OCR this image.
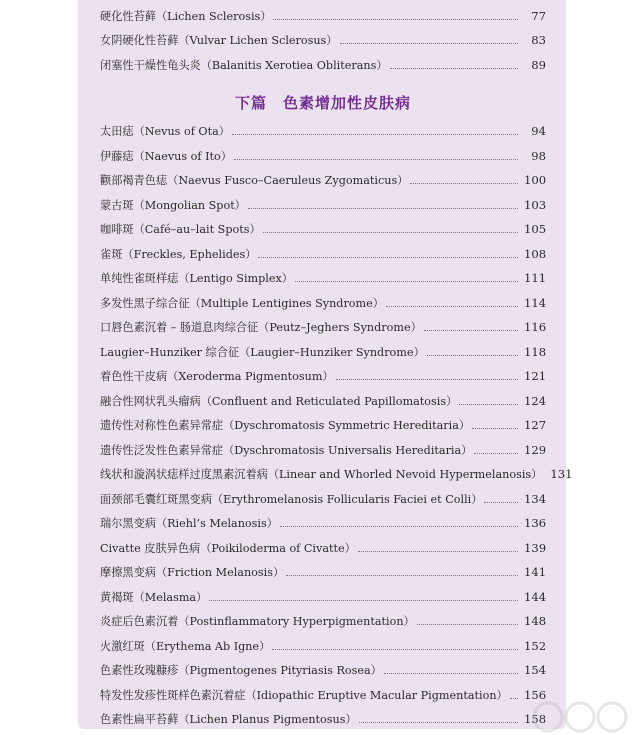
硬化性苔藓（Lichen Sclerosis）	77
女阴硬化性苔藓（Vulvar Lichen Sclerosus）	83
闭塞性干燥性龟头炎（Balanitis Xerotiea Obliterans）	89
下篇 色素增加性皮肤病
太田痣（Nevus of Ota）	94
伊藤痣（Naevus of Ito）	98
颧部褐青色痣（Naevus Fusco–Caeruleus Zygomaticus）	100
蒙古斑（Mongolian Spot）	103
咖啡斑（Café–au–lait Spots）	105
雀斑（Freckles, Ephelides）	108
单纯性雀斑样痣（Lentigo Simplex）	111
多发性黑子综合征（Multiple Lentigines Syndrome）	114
口唇色素沉着 – 肠道息肉综合征（Peutz–Jeghers Syndrome）	116
Laugier–Hunziker 综合征（Laugier–Hunziker Syndrome）	118
着色性干皮病（Xeroderma Pigmentosum）	121
融合性网状乳头瘤病（Confluent and Reticulated Papillomatosis）	124
遗传性对称性色素异常症（Dyschromatosis Symmetric Hereditaria）	127
遗传性泛发性色素异常症（Dyschromatosis Universalis Hereditaria）	129
线状和漩涡状痣样过度黑素沉着病（Linear and Whorled Nevoid Hypermelanosis） 131
面颈部毛囊红斑黑变病（Erythromelanosis Follicularis Faciei et Colli）	134
瑞尔黑变病（Riehl’s Melanosis）	136
Civatte 皮肤异色病（Poikiloderma of Civatte）	139
摩擦黑变病（Friction Melanosis）	141
黄褐斑（Melasma）	144
炎症后色素沉着（Postinflammatory Hyperpigmentation）	148
火激红斑（Erythema Ab Igne）	152
色素性玫瑰糠疹（Pigmentogenes Pityriasis Rosea）	154
特发性发疹性斑样色素沉着症（Idiopathic Eruptive Macular Pigmentation） 156
色素性扁平苔藓（Lichen Planus Pigmentosus）	158
